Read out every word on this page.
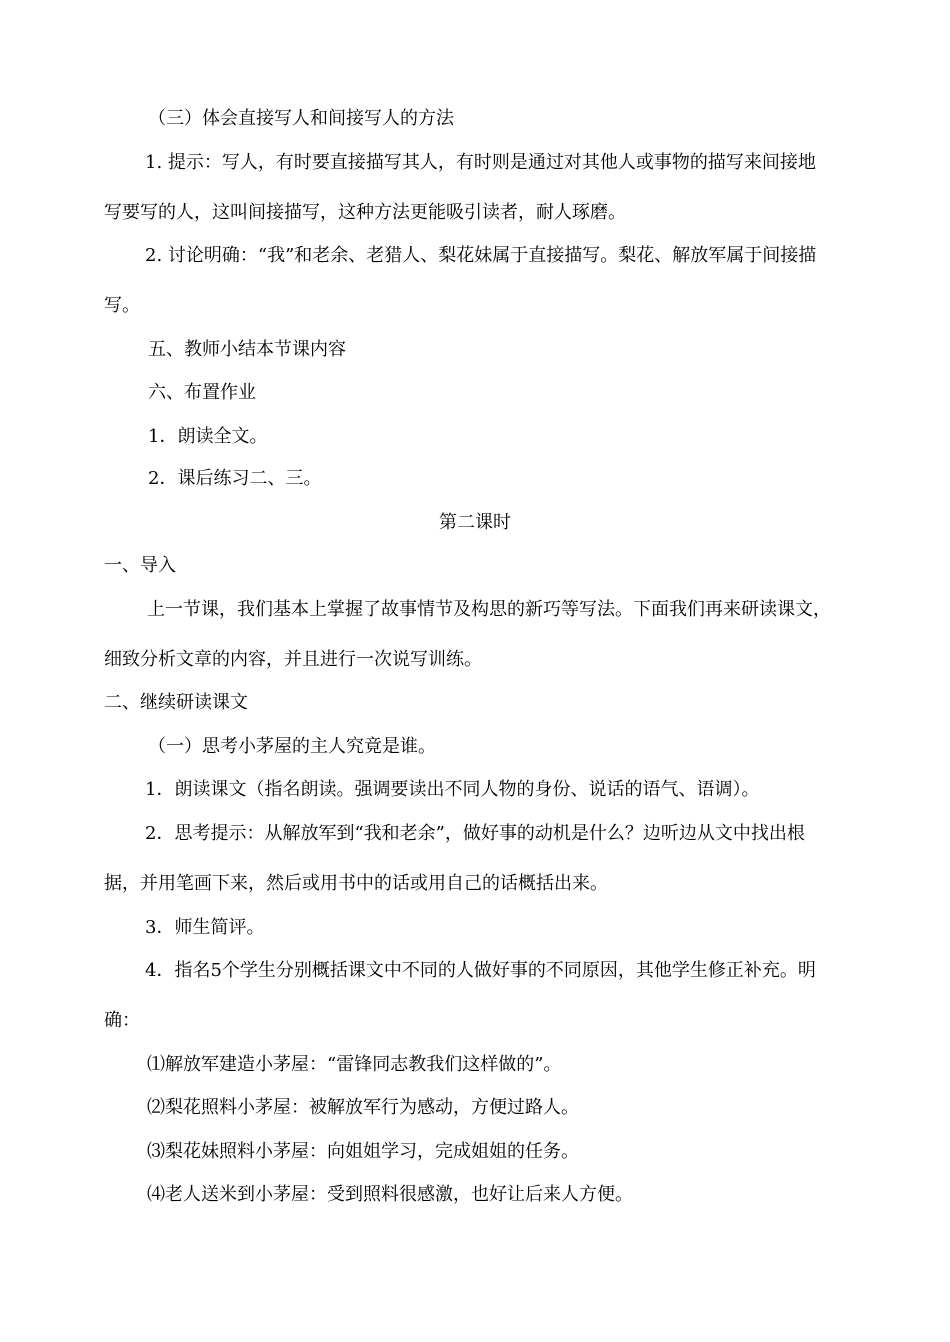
（三）体会直接写人和间接写人的方法
1. 提示：写人，有时要直接描写其人，有时则是通过对其他人或事物的描写来间接地
写要写的人，这叫间接描写，这种方法更能吸引读者，耐人琢磨。
2. 讨论明确：“我”和老余、老猎人、梨花妹属于直接描写。梨花、解放军属于间接描
写。
五、教师小结本节课内容
六、布置作业
1．朗读全文。
2．课后练习二、三。
第二课时
一、导入
上一节课，我们基本上掌握了故事情节及构思的新巧等写法。下面我们再来研读课文，
细致分析文章的内容，并且进行一次说写训练。
二、继续研读课文
（一）思考小茅屋的主人究竟是谁。
1．朗读课文（指名朗读。强调要读出不同人物的身份、说话的语气、语调）。
2．思考提示：从解放军到“我和老余”，做好事的动机是什么？边听边从文中找出根
据，并用笔画下来，然后或用书中的话或用自己的话概括出来。
3．师生简评。
4．指名5个学生分别概括课文中不同的人做好事的不同原因，其他学生修正补充。明
确：
⑴解放军建造小茅屋：“雷锋同志教我们这样做的”。
⑵梨花照料小茅屋：被解放军行为感动，方便过路人。
⑶梨花妹照料小茅屋：向姐姐学习，完成姐姐的任务。
⑷老人送米到小茅屋：受到照料很感激，也好让后来人方便。
